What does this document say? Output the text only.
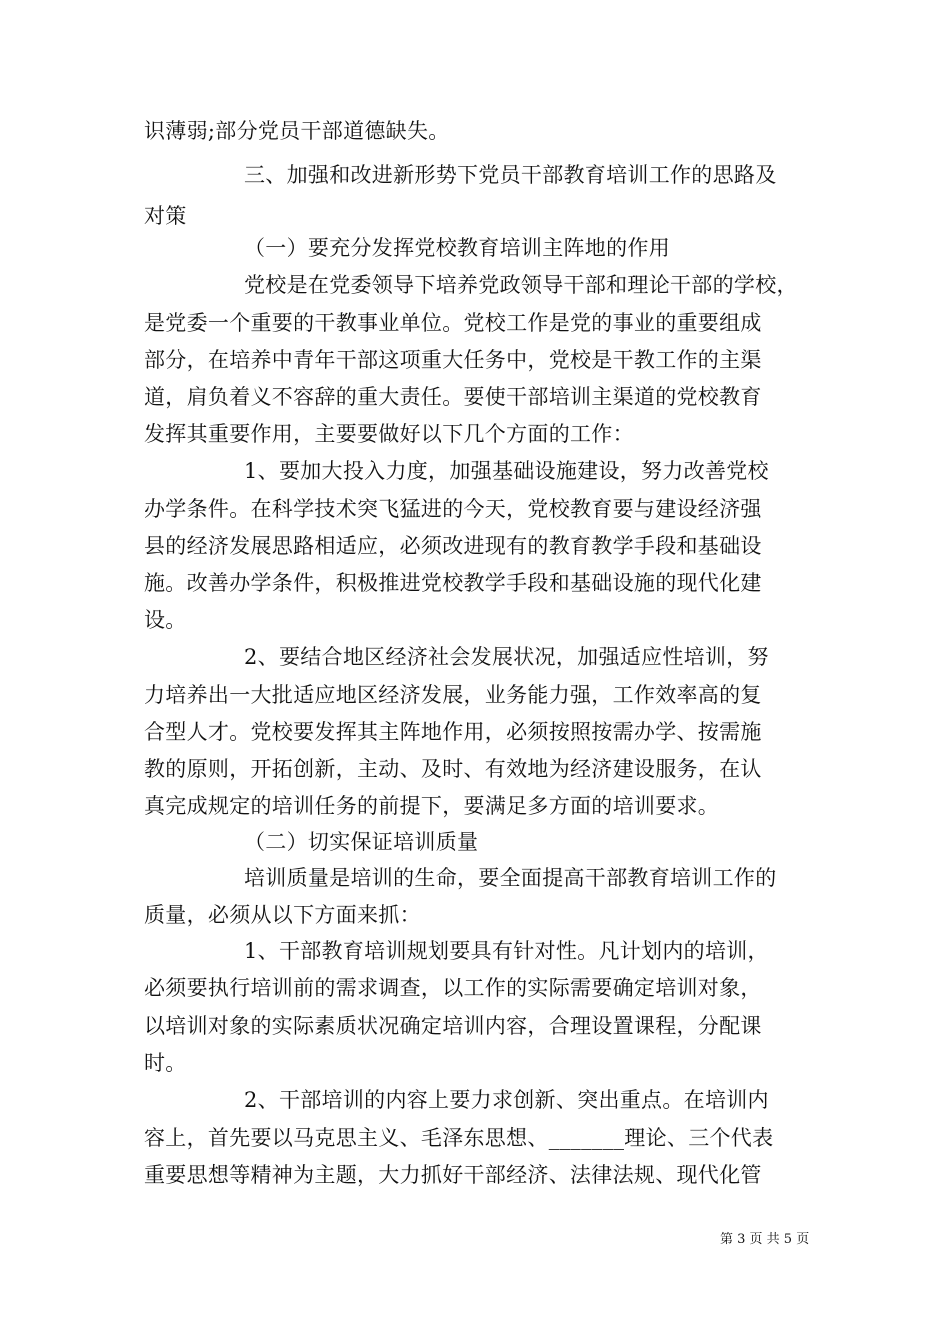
识薄弱;部分党员干部道德缺失。
三、加强和改进新形势下党员干部教育培训工作的思路及
对策
（一）要充分发挥党校教育培训主阵地的作用
党校是在党委领导下培养党政领导干部和理论干部的学校，
是党委一个重要的干教事业单位。党校工作是党的事业的重要组成
部分，在培养中青年干部这项重大任务中，党校是干教工作的主渠
道，肩负着义不容辞的重大责任。要使干部培训主渠道的党校教育
发挥其重要作用，主要要做好以下几个方面的工作：
1、要加大投入力度，加强基础设施建设，努力改善党校
办学条件。在科学技术突飞猛进的今天，党校教育要与建设经济强
县的经济发展思路相适应，必须改进现有的教育教学手段和基础设
施。改善办学条件，积极推进党校教学手段和基础设施的现代化建
设。
2、要结合地区经济社会发展状况，加强适应性培训，努
力培养出一大批适应地区经济发展，业务能力强，工作效率高的复
合型人才。党校要发挥其主阵地作用，必须按照按需办学、按需施
教的原则，开拓创新，主动、及时、有效地为经济建设服务，在认
真完成规定的培训任务的前提下，要满足多方面的培训要求。
（二）切实保证培训质量
培训质量是培训的生命，要全面提高干部教育培训工作的
质量，必须从以下方面来抓：
1、干部教育培训规划要具有针对性。凡计划内的培训，
必须要执行培训前的需求调查，以工作的实际需要确定培训对象，
以培训对象的实际素质状况确定培训内容，合理设置课程，分配课
时。
2、干部培训的内容上要力求创新、突出重点。在培训内
容上，首先要以马克思主义、毛泽东思想、_______理论、三个代表
重要思想等精神为主题，大力抓好干部经济、法律法规、现代化管
第 3 页 共 5 页
